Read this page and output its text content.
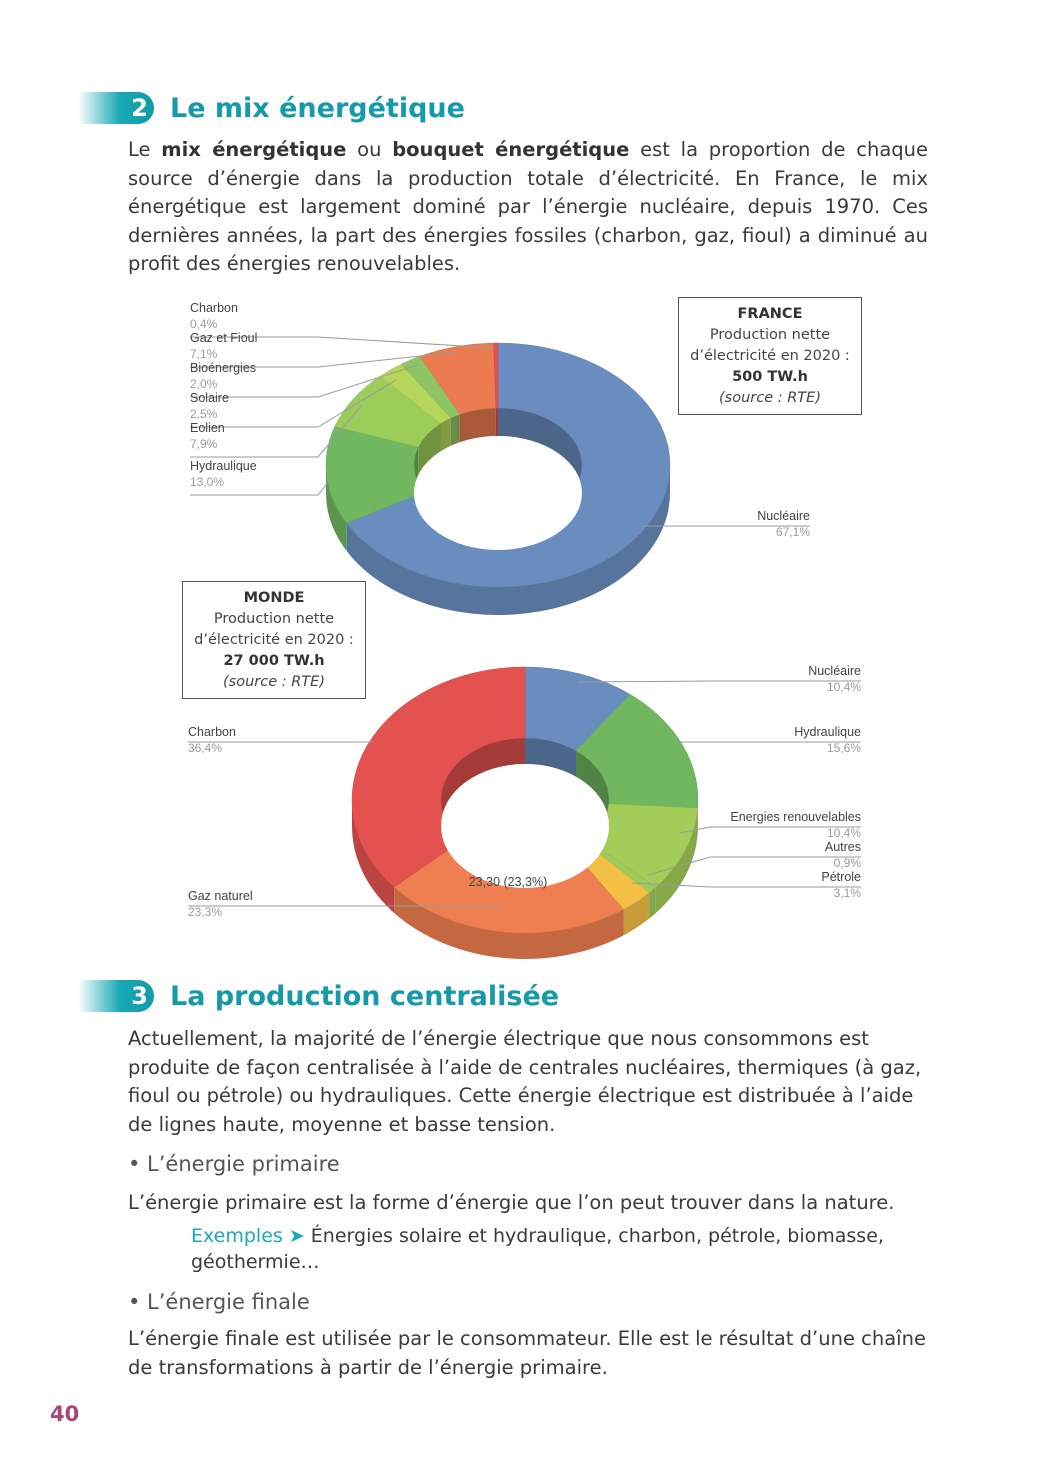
2 Le mix énergétique
Le mix énergétique ou bouquet énergétique est la proportion de chaque source d’énergie dans la production totale d’électricité. En France, le mix énergétique est largement dominé par l’énergie nucléaire, depuis 1970. Ces dernières années, la part des énergies fossiles (charbon, gaz, fioul) a diminué au profit des énergies renouvelables.
Charbon
0,4%
Gaz et Fioul
7,1%
Bioénergies
2,0%
Solaire
2,5%
Eolien
7,9%
Hydraulique
13,0%
Nucléaire
67,1%
Nucléaire
10,4%
Hydraulique
15,6%
Energies renouvelables
10,4%
Autres
0,9%
Pétrole
3,1%
Charbon
36,4%
Gaz naturel
23,3%
23,30 (23,3%)
FRANCE
Production nette
d’électricité en 2020 :
500 TW.h
(source : RTE)
MONDE
Production nette
d’électricité en 2020 :
27 000 TW.h
(source : RTE)
3 La production centralisée
Actuellement, la majorité de l’énergie électrique que nous consommons est produite de façon centralisée à l’aide de centrales nucléaires, thermiques (à gaz, fioul ou pétrole) ou hydrauliques. Cette énergie électrique est distribuée à l’aide de lignes haute, moyenne et basse tension.
• L’énergie primaire
L’énergie primaire est la forme d’énergie que l’on peut trouver dans la nature.
Exemples ➤ Énergies solaire et hydraulique, charbon, pétrole, biomasse, géothermie…
• L’énergie finale
L’énergie finale est utilisée par le consommateur. Elle est le résultat d’une chaîne de transformations à partir de l’énergie primaire.
40
